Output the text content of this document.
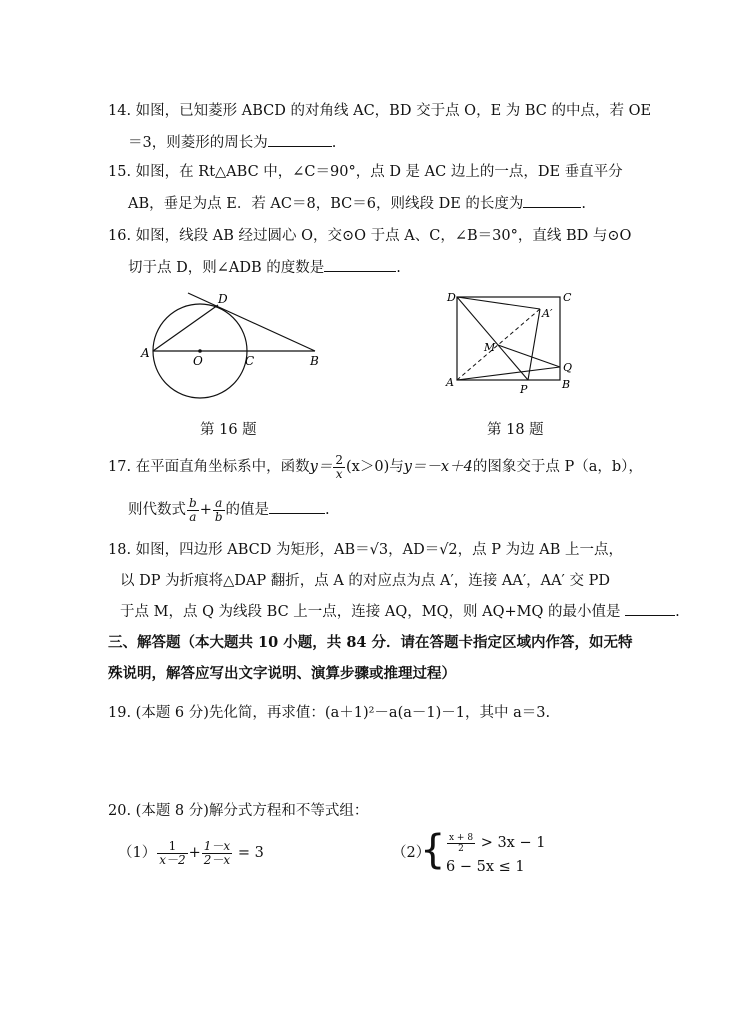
14. 如图，已知菱形 ABCD 的对角线 AC，BD 交于点 O，E 为 BC 的中点，若 OE
＝3，则菱形的周长为	.
15. 如图，在 Rt△ABC 中，∠C＝90°，点 D 是 AC 边上的一点，DE 垂直平分
AB，垂足为点 E．若 AC＝8，BC＝6，则线段 DE 的长度为	.
16. 如图，线段 AB 经过圆心 O，交⊙O 于点 A、C，∠B＝30°，直线 BD 与⊙O
切于点 D，则∠ADB 的度数是	.
A
O	C	B
D
第 16 题
D	C
A′
M
Q
A
P	B
第 18 题
17. 在平面直角坐标系中，函数$y= \frac{2}{x} (x>0)$与y＝－x＋4的图象交于点 P（a，b），
则代数式 $\frac{b}{a} + \frac{a}{b}$ 的值是	.
18. 如图，四边形 ABCD 为矩形，AB＝√3，AD＝√2，点 P 为边 AB 上一点，
以 DP 为折痕将△DAP 翻折，点 A 的对应点为点 A′，连接 AA′，AA′ 交 PD
于点 M，点 Q 为线段 BC 上一点，连接 AQ，MQ，则 AQ+MQ 的最小值是	.
三、解答题（本大题共 10 小题，共 84 分．请在答题卡指定区域内作答，如无特
殊说明，解答应写出文字说明、演算步骤或推理过程）
19. (本题 6 分)先化简，再求值：(a＋1)²－a(a－1)－1，其中 a＝3.
20. (本题 8 分)解分式方程和不等式组：
$(1) \frac{1}{x-2} + \frac{1-x}{2-x} = 3$	（2）
{ $\frac{x + 8}{2} > 3x - 1$
6 − 5x ≤ 1
